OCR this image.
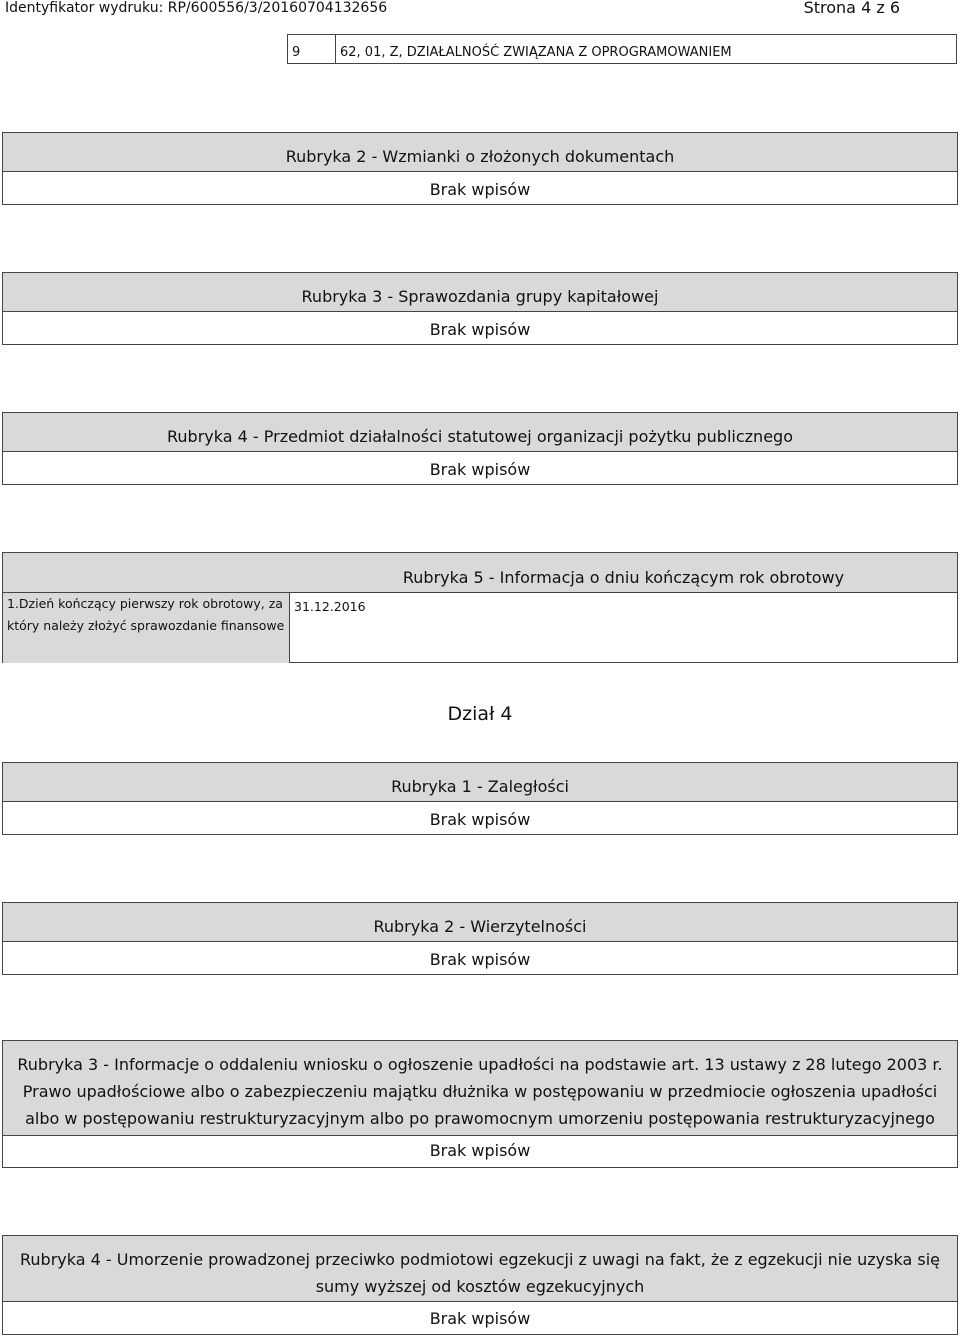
Identyfikator wydruku: RP/600556/3/20160704132656	Strona 4 z 6
9	62, 01, Z, DZIAŁALNOŚĆ ZWIĄZANA Z OPROGRAMOWANIEM
Rubryka 2 - Wzmianki o złożonych dokumentach
Brak wpisów
Rubryka 3 - Sprawozdania grupy kapitałowej
Brak wpisów
Rubryka 4 - Przedmiot działalności statutowej organizacji pożytku publicznego
Brak wpisów
Rubryka 5 - Informacja o dniu kończącym rok obrotowy
1.Dzień kończący pierwszy rok obrotowy, za który należy złożyć sprawozdanie finansowe
31.12.2016
Dział 4
Rubryka 1 - Zaległości
Brak wpisów
Rubryka 2 - Wierzytelności
Brak wpisów
Rubryka 3 - Informacje o oddaleniu wniosku o ogłoszenie upadłości na podstawie art. 13 ustawy z 28 lutego 2003 r. Prawo upadłościowe albo o zabezpieczeniu majątku dłużnika w postępowaniu w przedmiocie ogłoszenia upadłości albo w postępowaniu restrukturyzacyjnym albo po prawomocnym umorzeniu postępowania restrukturyzacyjnego
Brak wpisów
Rubryka 4 - Umorzenie prowadzonej przeciwko podmiotowi egzekucji z uwagi na fakt, że z egzekucji nie uzyska się sumy wyższej od kosztów egzekucyjnych
Brak wpisów
